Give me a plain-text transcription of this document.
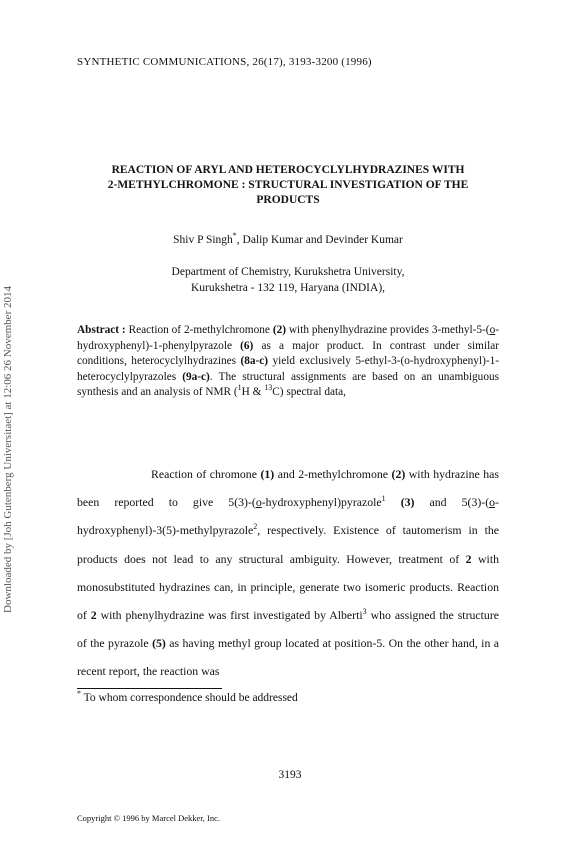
Downloaded by [Joh Gutenberg Universitaet] at 12:06 26 November 2014
SYNTHETIC COMMUNICATIONS, 26(17), 3193-3200 (1996)
REACTION OF ARYL AND HETEROCYCLYLHYDRAZINES WITH
2-METHYLCHROMONE : STRUCTURAL INVESTIGATION OF THE
PRODUCTS
Shiv P Singh*, Dalip Kumar and Devinder Kumar
Department of Chemistry, Kurukshetra University,
Kurukshetra - 132 119, Haryana (INDIA),

Abstract : Reaction of 2-methylchromone (2) with phenylhydrazine provides 3-methyl-5-(o-hydroxyphenyl)-1-phenylpyrazole (6) as a major product. In contrast under similar conditions, heterocyclylhydrazines (8a-c) yield exclusively 5-ethyl-3-(o-hydroxyphenyl)-1-heterocyclylpyrazoles (9a-c). The structural assignments are based on an unambiguous synthesis and an analysis of NMR ($^1$H & $^{13}$C) spectral data,

Reaction of chromone (1) and 2-methylchromone (2) with hydrazine has been reported to give 5(3)-(o-hydroxyphenyl)pyrazole$^1$ (3) and 5(3)-(o-hydroxyphenyl)-3(5)-methylpyrazole$^2$, respectively. Existence of tautomerism in the products does not lead to any structural ambiguity. However, treatment of 2 with monosubstituted hydrazines can, in principle, generate two isomeric products. Reaction of 2 with phenylhydrazine was first investigated by Alberti$^3$ who assigned the structure of the pyrazole (5) as having methyl group located at position-5. On the other hand, in a recent report, the reaction was

* To whom correspondence should be addressed
3193
Copyright © 1996 by Marcel Dekker, Inc.
